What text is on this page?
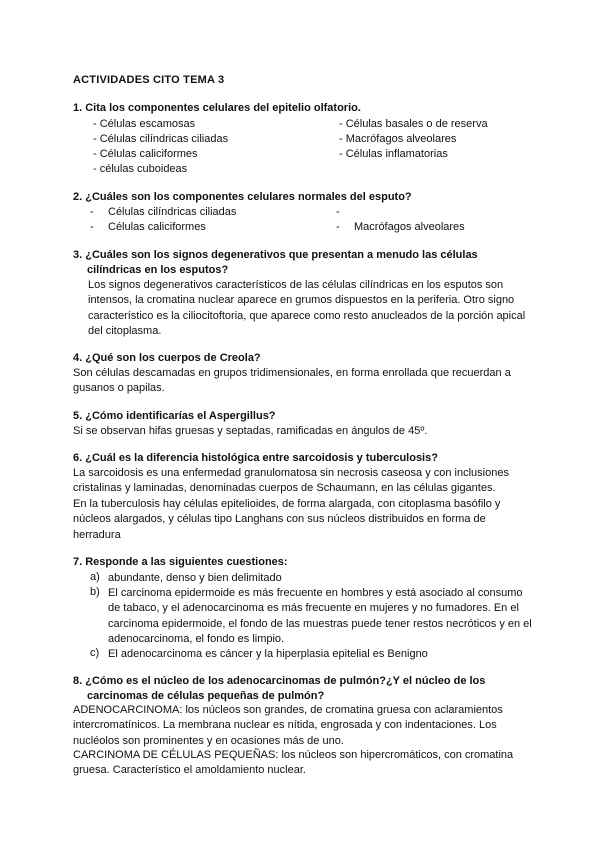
ACTIVIDADES CITO TEMA 3
1. Cita los componentes celulares del epitelio olfatorio.
- Células escamosas
- Células cilíndricas ciliadas
- Células caliciformes
- células cuboideas
- Células basales o de reserva
- Macrófagos alveolares
- Células inflamatorias
2. ¿Cuáles son los componentes celulares normales del esputo?
- Células cilíndricas ciliadas	-
- Células caliciformes	- Macrófagos alveolares
3. ¿Cuáles son los signos degenerativos que presentan a menudo las células
cilíndricas en los esputos?
Los signos degenerativos característicos de las células cilíndricas en los esputos son intensos, la cromatina nuclear aparece en grumos dispuestos en la periferia. Otro signo característico es la ciliocitoftoria, que aparece como resto anucleados de la porción apical del citoplasma.
4. ¿Qué son los cuerpos de Creola?
Son células descamadas en grupos tridimensionales, en forma enrollada que recuerdan a gusanos o papilas.
5. ¿Cómo identificarías el Aspergillus?
Si se observan hifas gruesas y septadas, ramificadas en ángulos de 45º.
6. ¿Cuál es la diferencia histológica entre sarcoidosis y tuberculosis?
La sarcoidosis es una enfermedad granulomatosa sin necrosis caseosa y con inclusiones cristalinas y laminadas, denominadas cuerpos de Schaumann, en las células gigantes.
En la tuberculosis hay células epitelioides, de forma alargada, con citoplasma basófilo y núcleos alargados, y células tipo Langhans con sus núcleos distribuidos en forma de herradura
7. Responde a las siguientes cuestiones:
a) abundante, denso y bien delimitado
b) El carcinoma epidermoide es más frecuente en hombres y está asociado al consumo de tabaco, y el adenocarcinoma es más frecuente en mujeres y no fumadores. En el carcinoma epidermoide, el fondo de las muestras puede tener restos necróticos y en el adenocarcinoma, el fondo es limpio.
c) El adenocarcinoma es cáncer y la hiperplasia epitelial es Benigno
8. ¿Cómo es el núcleo de los adenocarcinomas de pulmón?¿Y el núcleo de los
carcinomas de células pequeñas de pulmón?
ADENOCARCINOMA: los núcleos son grandes, de cromatina gruesa con aclaramientos intercromatínicos. La membrana nuclear es nítida, engrosada y con indentaciones. Los nucléolos son prominentes y en ocasiones más de uno.
CARCINOMA DE CÉLULAS PEQUEÑAS: los núcleos son hipercromáticos, con cromatina gruesa. Característico el amoldamiento nuclear.
